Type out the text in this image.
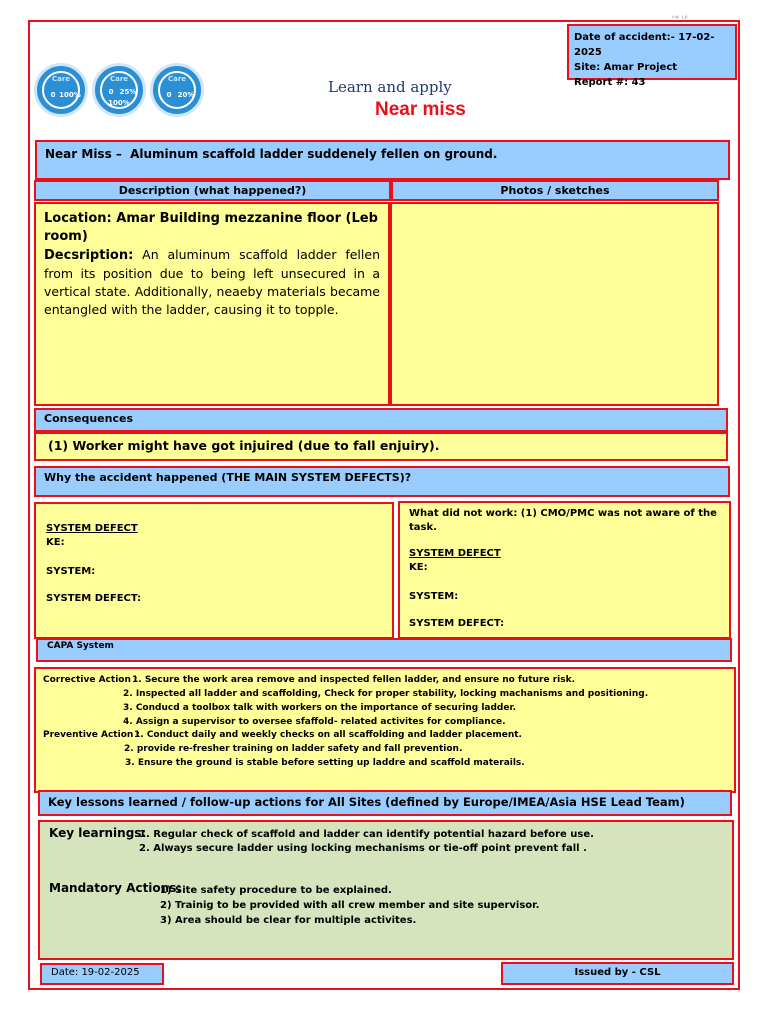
ᴴ⁴ ᴸ⁶
Care
0 100%
Care
0 25%
100%
Care
0 20%	Learn and apply
Near miss
Date of accident:- 17-02-2025
Site: Amar Project
Report #: 43
Near Miss – Aluminum scaffold ladder suddenely fellen on ground.
Description (what happened?)	Photos / sketches
Location: Amar Building mezzanine floor (Leb room)
Decsription: An aluminum scaffold ladder fellen from its position due to being left unsecured in a vertical state. Additionally, neaeby materials became entangled with the ladder, causing it to topple.
Consequences
(1) Worker might have got injuired (due to fall enjuiry).
Why the accident happened (THE MAIN SYSTEM DEFECTS)?
SYSTEM DEFECT
KE:
SYSTEM:
SYSTEM DEFECT:
What did not work: (1) CMO/PMC was not aware of the task.
SYSTEM DEFECT
KE:
SYSTEM:
SYSTEM DEFECT:
CAPA System
Corrective Action :
1. Secure the work area remove and inspected fellen ladder, and ensure no future risk.
2. Inspected all ladder and scaffolding, Check for proper stability, locking machanisms and positioning.
3. Conducd a toolbox talk with workers on the importance of securing ladder.
4. Assign a supervisor to oversee sfaffold- related activites for compliance.
Preventive Action :
1. Conduct daily and weekly checks on all scaffolding and ladder placement.
2. provide re-fresher training on ladder safety and fall prevention.
3. Ensure the ground is stable before setting up laddre and scaffold materails.
Key lessons learned / follow-up actions for All Sites (defined by Europe/IMEA/Asia HSE Lead Team)
Key learnings:
1. Regular check of scaffold and ladder can identify potential hazard before use.
2. Always secure ladder using locking mechanisms or tie-off point prevent fall .
Mandatory Actions:
1) Site safety procedure to be explained.
2) Trainig to be provided with all crew member and site supervisor.
3) Area should be clear for multiple activites.
Date: 19-02-2025	Issued by - CSL
